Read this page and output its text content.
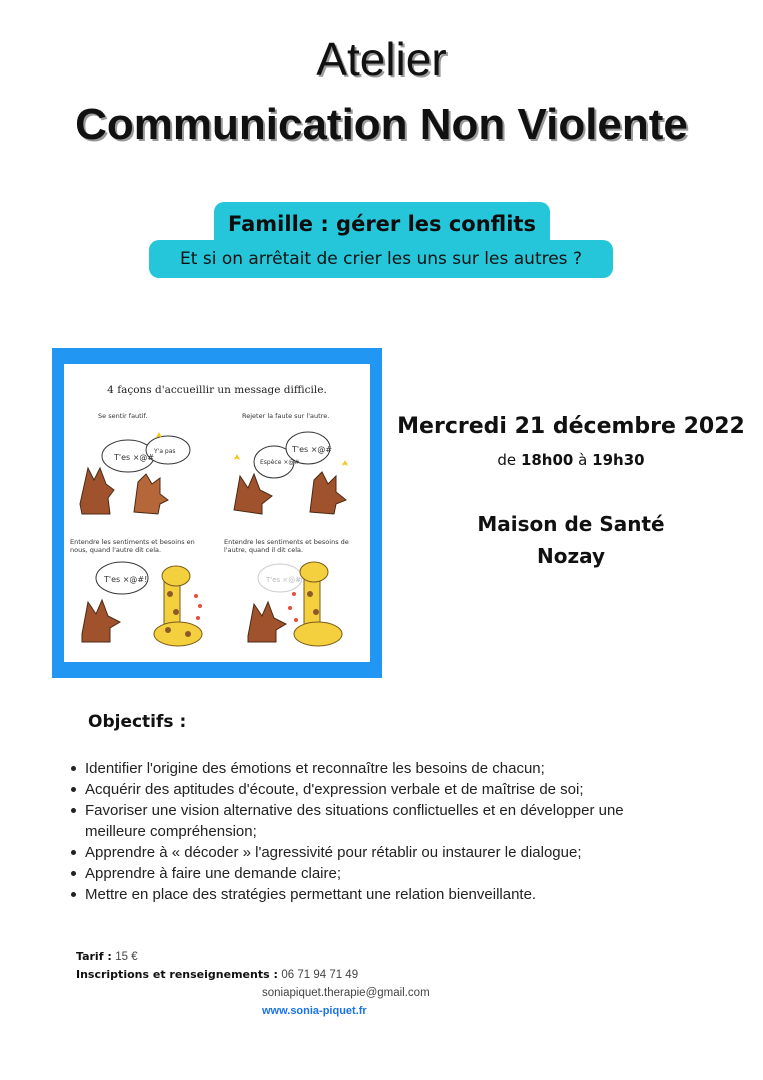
Atelier
Communication Non Violente
Famille : gérer les conflits
Et si on arrêtait de crier les uns sur les autres ?
4 façons d'accueillir un message difficile.
Se sentir fautif.	Rejeter la faute sur l'autre.
Entendre les sentiments et besoins en nous, quand l'autre dit cela.
Entendre les sentiments et besoins de l'autre, quand il dit cela.
T'es ×@#
Y'a pas
Espèce ×@#
T'es ×@#
T'es ×@#!	T'es ×@#
Mercredi 21 décembre 2022
de 18h00 à 19h30
Maison de Santé
Nozay
Objectifs :
Identifier l'origine des émotions et reconnaître les besoins de chacun;
Acquérir des aptitudes d'écoute, d'expression verbale et de maîtrise de soi;
Favoriser une vision alternative des situations conflictuelles et en développer une meilleure compréhension;
Apprendre à « décoder » l'agressivité pour rétablir ou instaurer le dialogue;
Apprendre à faire une demande claire;
Mettre en place des stratégies permettant une relation bienveillante.
Tarif : 15 €
Inscriptions et renseignements : 06 71 94 71 49
soniapiquet.therapie@gmail.com
www.sonia-piquet.fr
